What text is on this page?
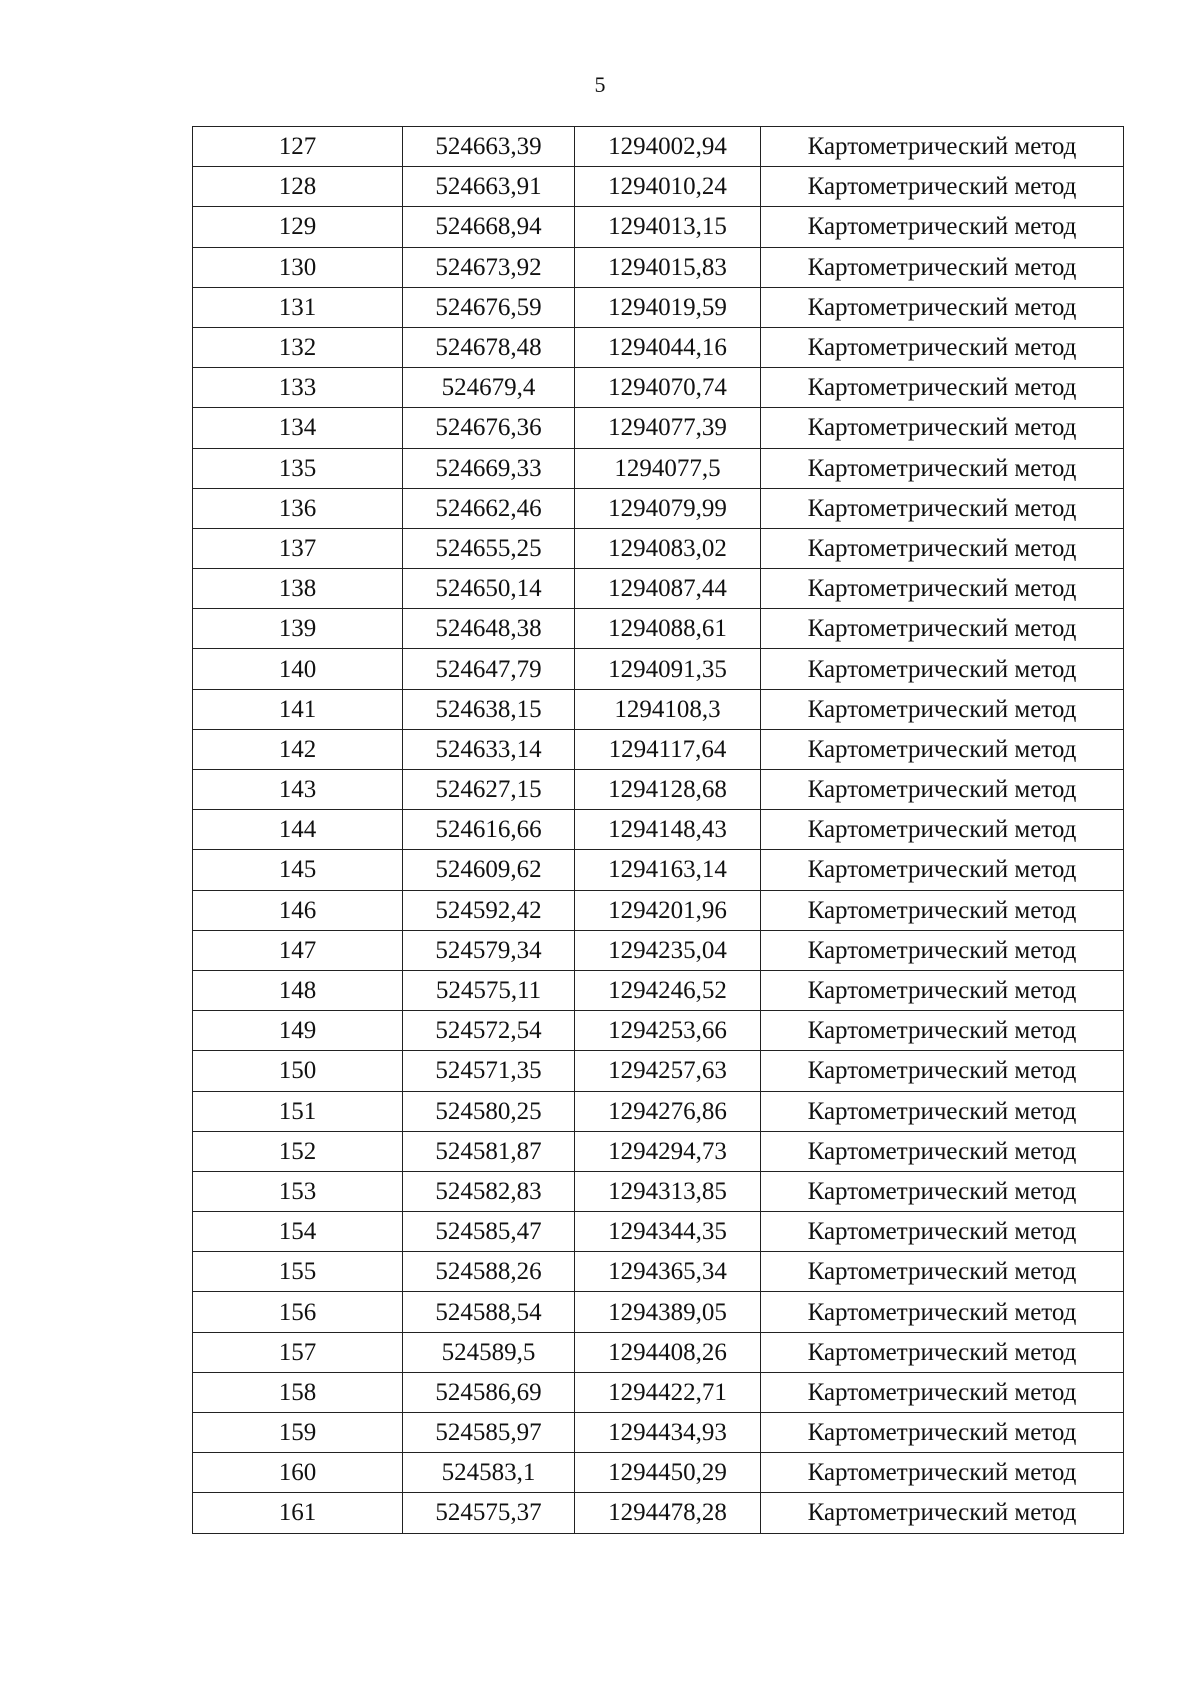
5
127	524663,39	1294002,94	Картометрический метод
128	524663,91	1294010,24	Картометрический метод
129	524668,94	1294013,15	Картометрический метод
130	524673,92	1294015,83	Картометрический метод
131	524676,59	1294019,59	Картометрический метод
132	524678,48	1294044,16	Картометрический метод
133	524679,4	1294070,74	Картометрический метод
134	524676,36	1294077,39	Картометрический метод
135	524669,33	1294077,5	Картометрический метод
136	524662,46	1294079,99	Картометрический метод
137	524655,25	1294083,02	Картометрический метод
138	524650,14	1294087,44	Картометрический метод
139	524648,38	1294088,61	Картометрический метод
140	524647,79	1294091,35	Картометрический метод
141	524638,15	1294108,3	Картометрический метод
142	524633,14	1294117,64	Картометрический метод
143	524627,15	1294128,68	Картометрический метод
144	524616,66	1294148,43	Картометрический метод
145	524609,62	1294163,14	Картометрический метод
146	524592,42	1294201,96	Картометрический метод
147	524579,34	1294235,04	Картометрический метод
148	524575,11	1294246,52	Картометрический метод
149	524572,54	1294253,66	Картометрический метод
150	524571,35	1294257,63	Картометрический метод
151	524580,25	1294276,86	Картометрический метод
152	524581,87	1294294,73	Картометрический метод
153	524582,83	1294313,85	Картометрический метод
154	524585,47	1294344,35	Картометрический метод
155	524588,26	1294365,34	Картометрический метод
156	524588,54	1294389,05	Картометрический метод
157	524589,5	1294408,26	Картометрический метод
158	524586,69	1294422,71	Картометрический метод
159	524585,97	1294434,93	Картометрический метод
160	524583,1	1294450,29	Картометрический метод
161	524575,37	1294478,28	Картометрический метод
